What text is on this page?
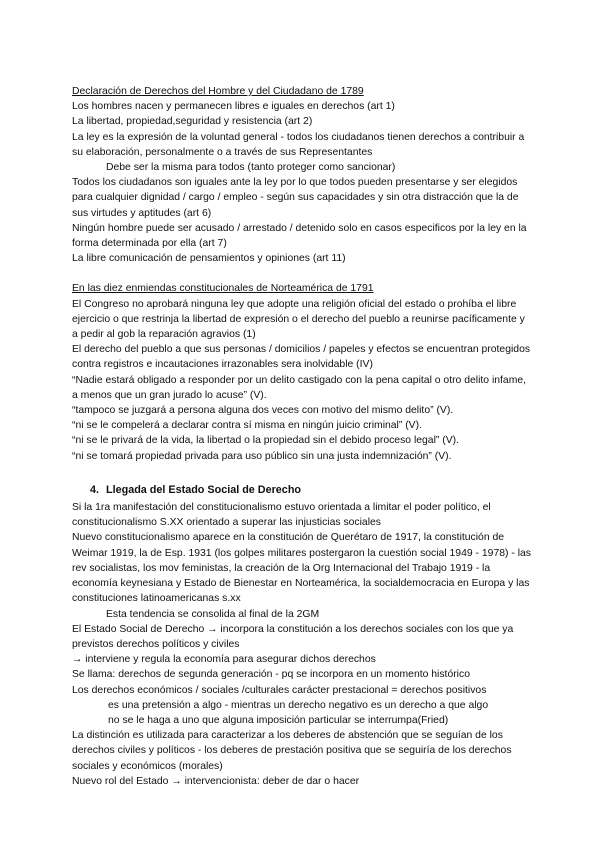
Declaración de Derechos del Hombre y del Ciudadano de 1789

Los hombres nacen y permanecen libres e iguales en derechos (art 1)

La libertad, propiedad,seguridad y resistencia (art 2)

La ley es la expresión de la voluntad general - todos los ciudadanos tienen derechos a contribuir a su elaboración, personalmente o a través de sus Representantes

Debe ser la misma para todos (tanto proteger como sancionar)

Todos los ciudadanos son iguales ante la ley por lo que todos pueden presentarse y ser elegidos para cualquier dignidad / cargo / empleo - según sus capacidades y sin otra distracción que la de sus virtudes y aptitudes (art 6)

Ningún hombre puede ser acusado / arrestado / detenido solo en casos especificos por la ley en la forma determinada por ella (art 7)

La libre comunicación de pensamientos y opiniones (art 11)

En las diez enmiendas constitucionales de Norteamérica de 1791

El Congreso no aprobará ninguna ley que adopte una religión oficial del estado o prohíba el libre ejercicio o que restrinja la libertad de expresión o el derecho del pueblo a reunirse pacíficamente y a pedir al gob la reparación agravios (1)

El derecho del pueblo a que sus personas / domicilios / papeles y efectos se encuentran protegidos contra registros e incautaciones irrazonables sera inolvidable (IV)

“Nadie estará obligado a responder por un delito castigado con la pena capital o otro delito infame, a menos que un gran jurado lo acuse” (V).

“tampoco se juzgará a persona alguna dos veces con motivo del mismo delito” (V).

“ni se le compelerá a declarar contra sí misma en ningún juicio criminal” (V).

“ni se le privará de la vida, la libertad o la propiedad sin el debido proceso legal” (V).

“ni se tomará propiedad privada para uso público sin una justa indemnización” (V).

4. Llegada del Estado Social de Derecho

Si la 1ra manifestación del constitucionalismo estuvo orientada a limitar el poder político, el constitucionalismo S.XX orientado a superar las injusticias sociales

Nuevo constitucionalismo aparece en la constitución de Querétaro de 1917, la constitución de Weimar 1919, la de Esp. 1931 (los golpes militares postergaron la cuestión social 1949 - 1978) - las rev socialistas, los mov feministas, la creación de la Org Internacional del Trabajo 1919 - la economía keynesiana y Estado de Bienestar en Norteamérica, la socialdemocracia en Europa y las constituciones latinoamericanas s.xx

Esta tendencia se consolida al final de la 2GM

El Estado Social de Derecho → incorpora la constitución a los derechos sociales con los que ya previstos derechos políticos y civiles

→ interviene y regula la economía para asegurar dichos derechos

Se llama: derechos de segunda generación - pq se incorpora en un momento histórico

Los derechos económicos / sociales /culturales carácter prestacional = derechos positivos

es una pretensión a algo - mientras un derecho negativo es un derecho a que algo

no se le haga a uno que alguna imposición particular se interrumpa(Fried)

La distinción es utilizada para caracterizar a los deberes de abstención que se seguían de los derechos civiles y políticos - los deberes de prestación positiva que se seguiría de los derechos sociales y económicos (morales)

Nuevo rol del Estado → intervencionista: deber de dar o hacer
